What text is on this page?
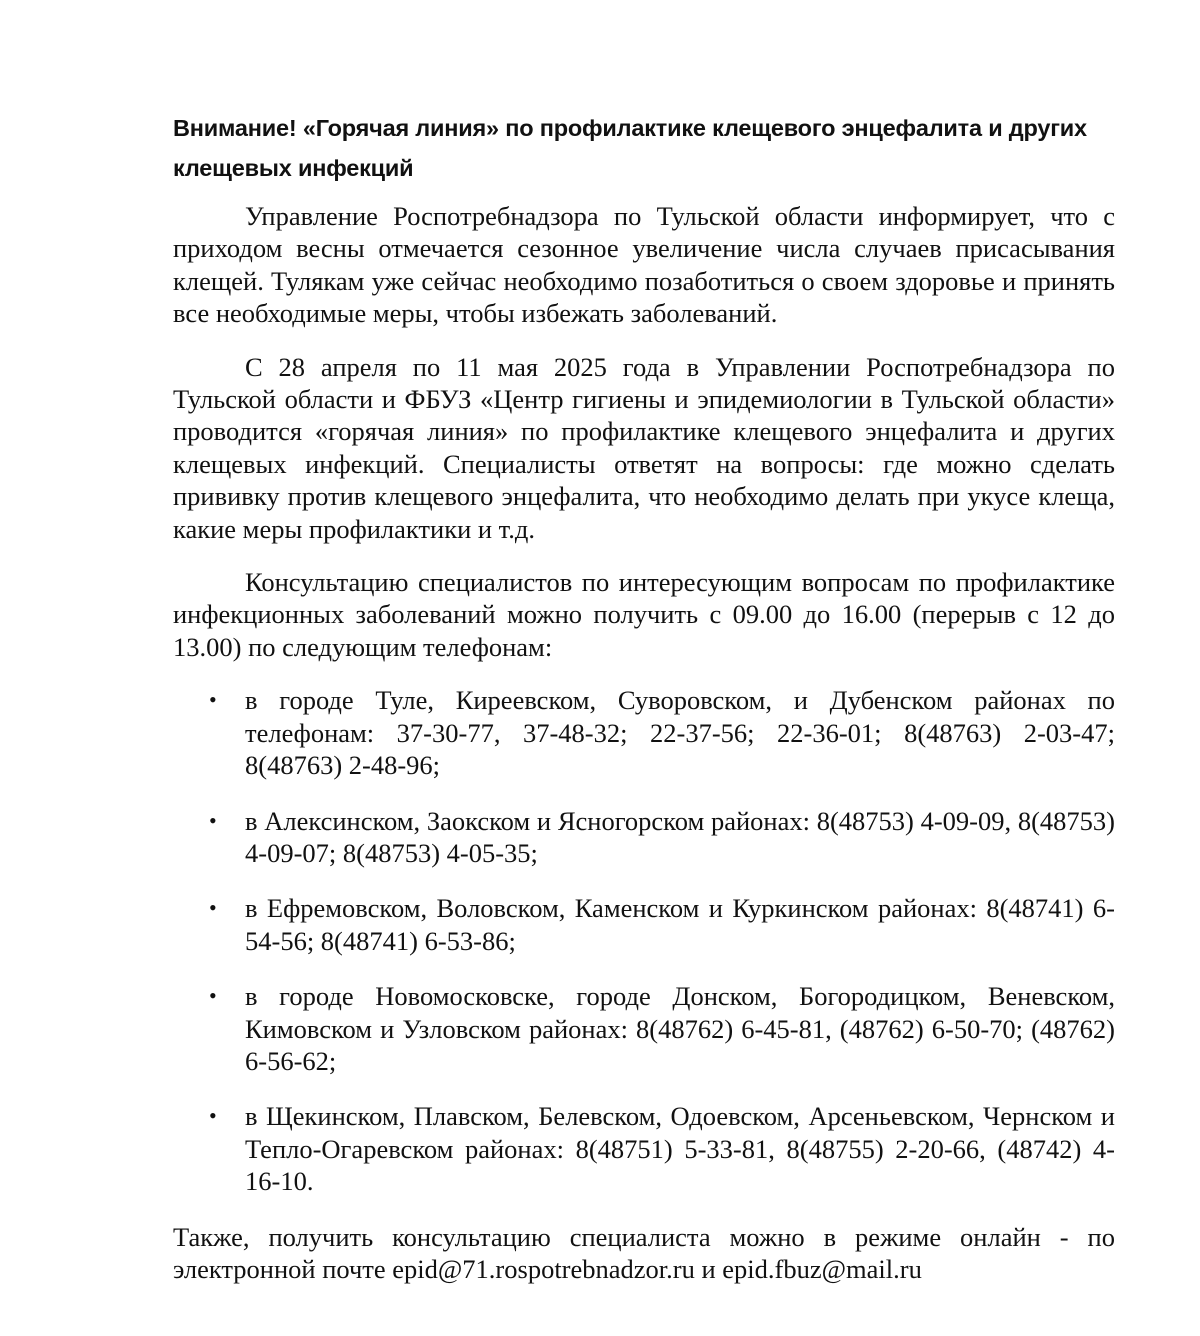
Внимание! «Горячая линия» по профилактике клещевого энцефалита и других клещевых инфекций

Управление Роспотребнадзора по Тульской области информирует, что с приходом весны отмечается сезонное увеличение числа случаев присасывания клещей. Тулякам уже сейчас необходимо позаботиться о своем здоровье и принять все необходимые меры, чтобы избежать заболеваний.

С 28 апреля по 11 мая 2025 года в Управлении Роспотребнадзора по Тульской области и ФБУЗ «Центр гигиены и эпидемиологии в Тульской области» проводится «горячая линия» по профилактике клещевого энцефалита и других клещевых инфекций. Специалисты ответят на вопросы: где можно сделать прививку против клещевого энцефалита, что необходимо делать при укусе клеща, какие меры профилактики и т.д.

Консультацию специалистов по интересующим вопросам по профилактике инфекционных заболеваний можно получить с 09.00 до 16.00 (перерыв с 12 до 13.00) по следующим телефонам:

• в городе Туле, Киреевском, Суворовском, и Дубенском районах по телефонам: 37-30-77, 37-48-32; 22-37-56; 22-36-01; 8(48763) 2-03-47; 8(48763) 2-48-96;
• в Алексинском, Заокском и Ясногорском районах: 8(48753) 4-09-09, 8(48753) 4-09-07; 8(48753) 4-05-35;
• в Ефремовском, Воловском, Каменском и Куркинском районах: 8(48741) 6-54-56; 8(48741) 6-53-86;
• в городе Новомосковске, городе Донском, Богородицком, Веневском, Кимовском и Узловском районах: 8(48762) 6-45-81, (48762) 6-50-70; (48762) 6-56-62;
• в Щекинском, Плавском, Белевском, Одоевском, Арсеньевском, Чернском и Тепло-Огаревском районах: 8(48751) 5-33-81, 8(48755) 2-20-66, (48742) 4-16-10.

Также, получить консультацию специалиста можно в режиме онлайн - по электронной почте epid@71.rospotrebnadzor.ru и epid.fbuz@mail.ru
